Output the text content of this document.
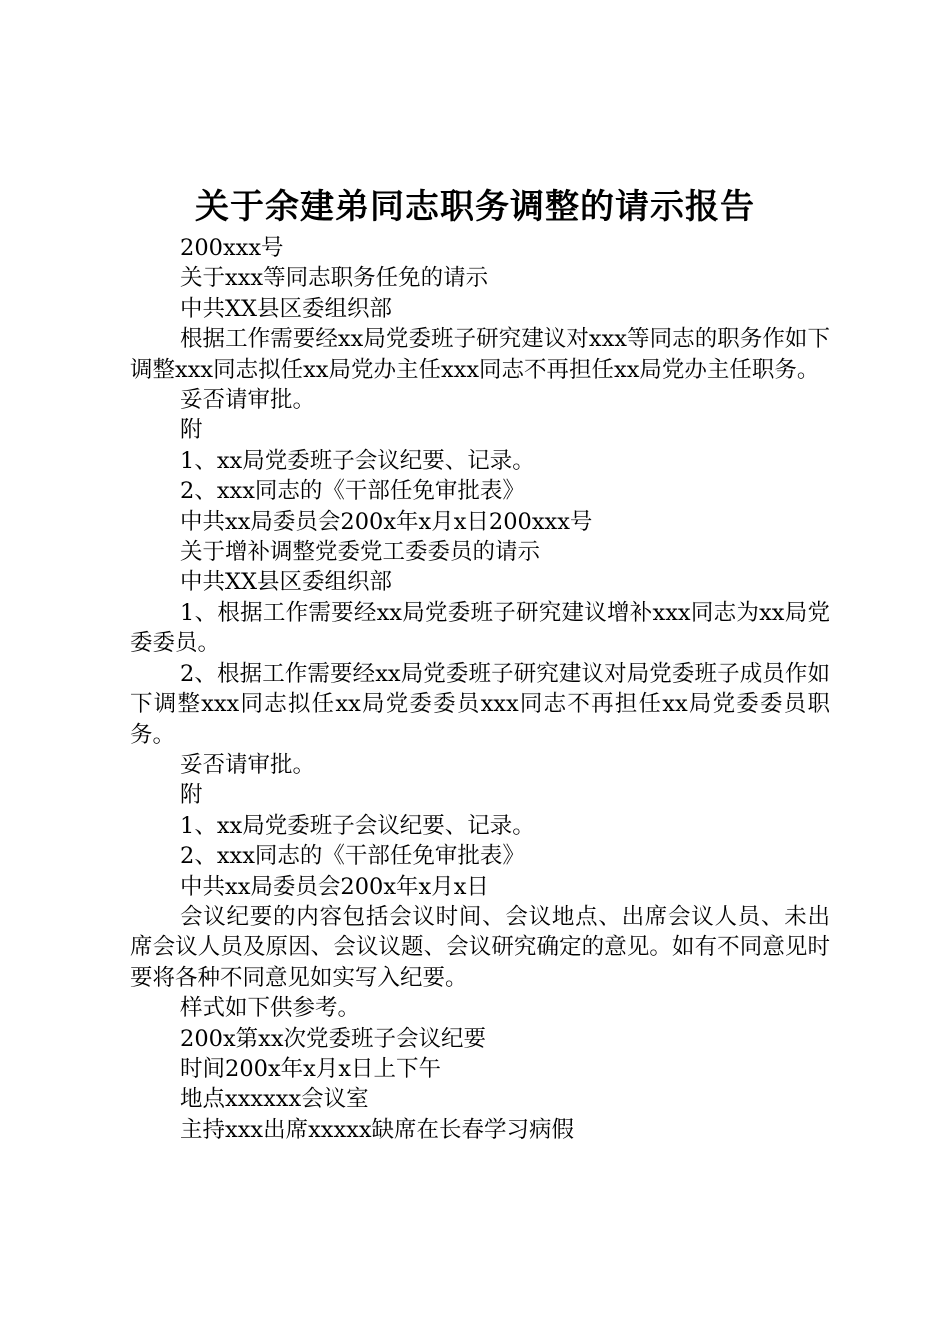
关于余建弟同志职务调整的请示报告

200xxx号

关于xxx等同志职务任免的请示

中共XX县区委组织部

根据工作需要经xx局党委班子研究建议对xxx等同志的职务作如下调整xxx同志拟任xx局党办主任xxx同志不再担任xx局党办主任职务。

妥否请审批。

附

1、xx局党委班子会议纪要、记录。

2、xxx同志的《干部任免审批表》

中共xx局委员会200x年x月x日200xxx号

关于增补调整党委党工委委员的请示

中共XX县区委组织部

1、根据工作需要经xx局党委班子研究建议增补xxx同志为xx局党委委员。

2、根据工作需要经xx局党委班子研究建议对局党委班子成员作如下调整xxx同志拟任xx局党委委员xxx同志不再担任xx局党委委员职务。

妥否请审批。

附

1、xx局党委班子会议纪要、记录。

2、xxx同志的《干部任免审批表》

中共xx局委员会200x年x月x日

会议纪要的内容包括会议时间、会议地点、出席会议人员、未出席会议人员及原因、会议议题、会议研究确定的意见。如有不同意见时要将各种不同意见如实写入纪要。

样式如下供参考。

200x第xx次党委班子会议纪要

时间200x年x月x日上下午

地点xxxxxx会议室

主持xxx出席xxxxx缺席在长春学习病假
